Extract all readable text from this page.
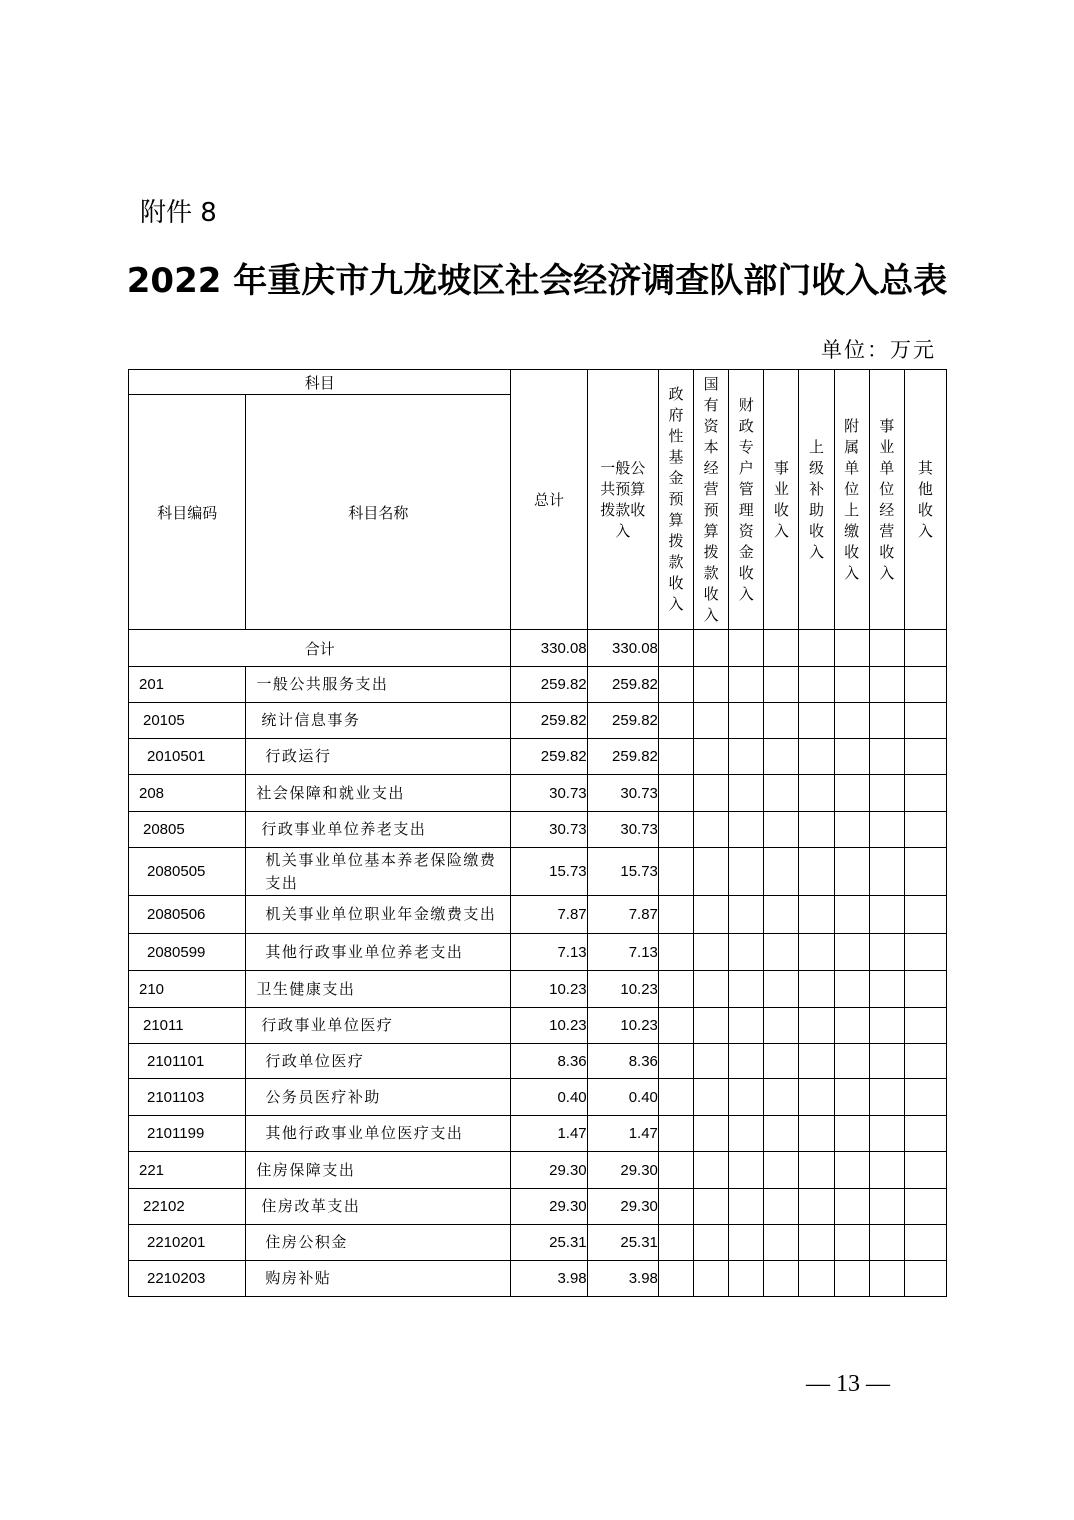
附件 8
2022 年重庆市九龙坡区社会经济调查队部门收入总表
单位：万元
科目		总计	一般公共预算拨款收入	政府性基金预算拨款收入	国有资本经营预算拨款收入	财政专户管理资金收入	事业收入	上级补助收入	附属单位上缴收入	事业单位经营收入	其他收入
科目编码	科目名称										
合计		330.08	330.08								
201	一般公共服务支出	259.82	259.82								
20105	统计信息事务	259.82	259.82								
2010501	行政运行	259.82	259.82								
208	社会保障和就业支出	30.73	30.73								
20805	行政事业单位养老支出	30.73	30.73								
2080505	机关事业单位基本养老保险缴费支出	15.73	15.73								
2080506	机关事业单位职业年金缴费支出	7.87	7.87								
2080599	其他行政事业单位养老支出	7.13	7.13								
210	卫生健康支出	10.23	10.23								
21011	行政事业单位医疗	10.23	10.23								
2101101	行政单位医疗	8.36	8.36								
2101103	公务员医疗补助	0.40	0.40								
2101199	其他行政事业单位医疗支出	1.47	1.47								
221	住房保障支出	29.30	29.30								
22102	住房改革支出	29.30	29.30								
2210201	住房公积金	25.31	25.31								
2210203	购房补贴	3.98	3.98								
— 13 —
